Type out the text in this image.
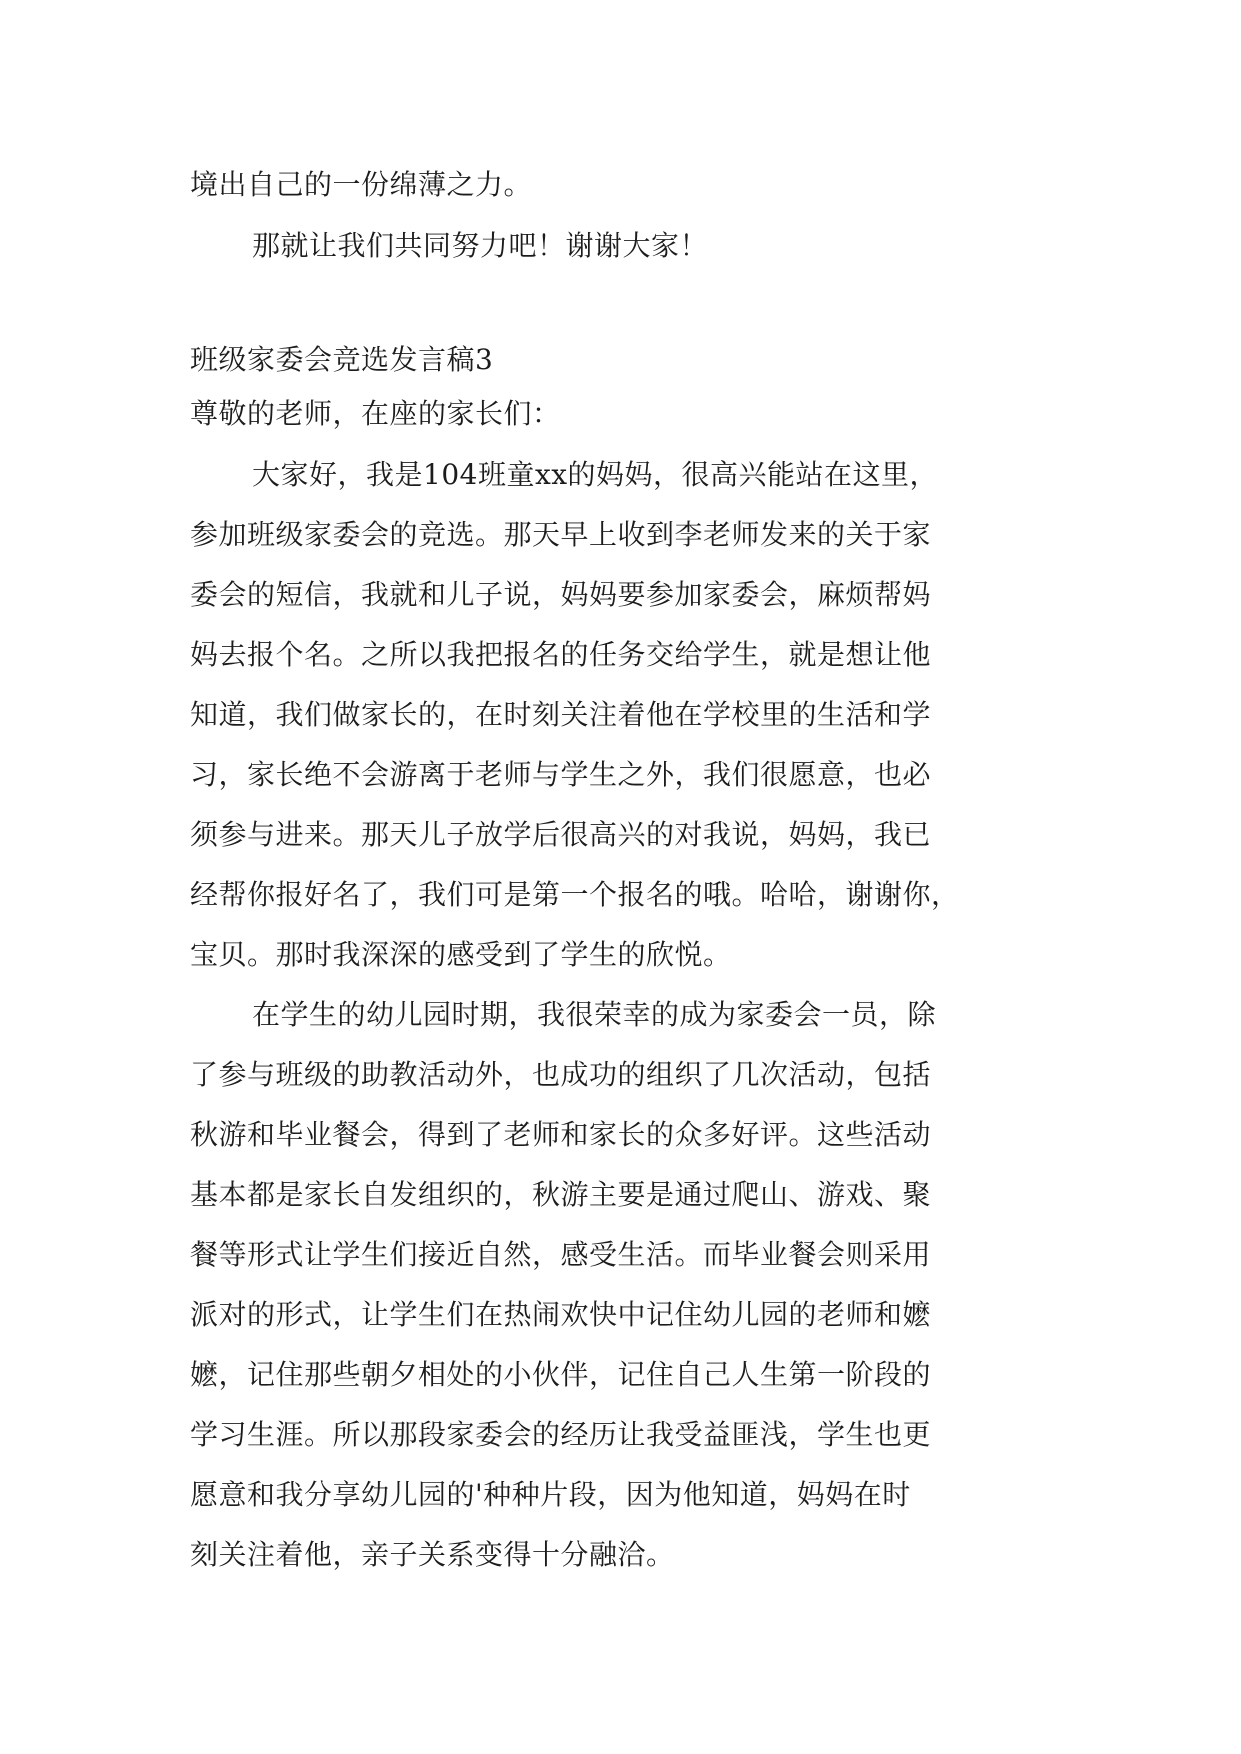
境出自己的一份绵薄之力。
那就让我们共同努力吧！谢谢大家！
班级家委会竞选发言稿3
尊敬的老师，在座的家长们：
大家好，我是104班童xx的妈妈，很高兴能站在这里，
参加班级家委会的竞选。那天早上收到李老师发来的关于家
委会的短信，我就和儿子说，妈妈要参加家委会，麻烦帮妈
妈去报个名。之所以我把报名的任务交给学生，就是想让他
知道，我们做家长的，在时刻关注着他在学校里的生活和学
习，家长绝不会游离于老师与学生之外，我们很愿意，也必
须参与进来。那天儿子放学后很高兴的对我说，妈妈，我已
经帮你报好名了，我们可是第一个报名的哦。哈哈，谢谢你，
宝贝。那时我深深的感受到了学生的欣悦。
在学生的幼儿园时期，我很荣幸的成为家委会一员，除
了参与班级的助教活动外，也成功的组织了几次活动，包括
秋游和毕业餐会，得到了老师和家长的众多好评。这些活动
基本都是家长自发组织的，秋游主要是通过爬山、游戏、聚
餐等形式让学生们接近自然，感受生活。而毕业餐会则采用
派对的形式，让学生们在热闹欢快中记住幼儿园的老师和嬷
嬷，记住那些朝夕相处的小伙伴，记住自己人生第一阶段的
学习生涯。所以那段家委会的经历让我受益匪浅，学生也更
愿意和我分享幼儿园的'种种片段，因为他知道，妈妈在时
刻关注着他，亲子关系变得十分融洽。
